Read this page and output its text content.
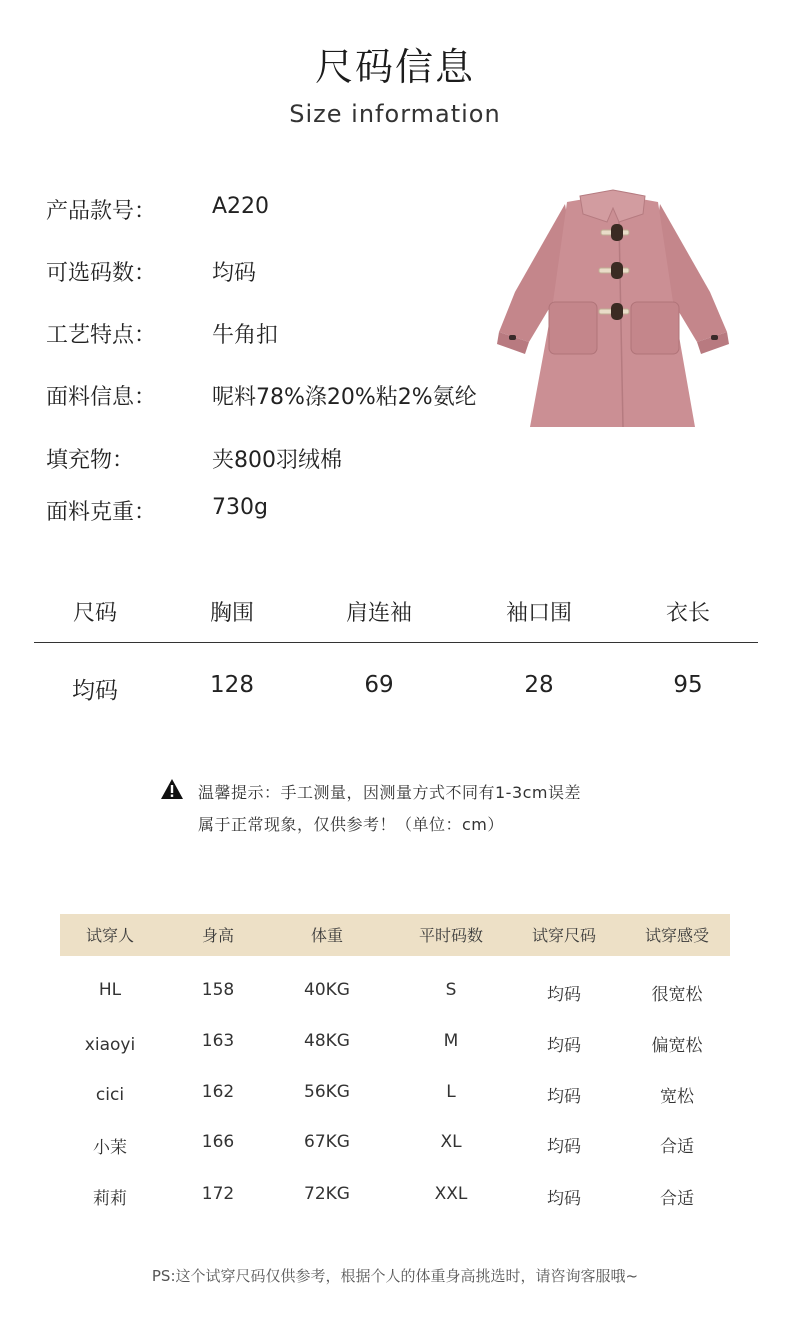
尺码信息
Size information
产品款号：	A220
可选码数：	均码
工艺特点：	牛角扣
面料信息：	呢料78%涤20%粘2%氨纶
填充物：	夹800羽绒棉
面料克重：	730g
尺码	胸围	肩连袖	袖口围	衣长
均码	128	69	28	95
温馨提示：手工测量，因测量方式不同有1-3cm误差
属于正常现象，仅供参考！（单位：cm）
试穿人	身高	体重	平时码数	试穿尺码	试穿感受
HL	158	40KG	S	均码	很宽松
xiaoyi	163	48KG	M	均码	偏宽松
cici	162	56KG	L	均码	宽松
小茉	166	67KG	XL	均码	合适
莉莉	172	72KG	XXL	均码	合适
PS:这个试穿尺码仅供参考，根据个人的体重身高挑选时，请咨询客服哦~
